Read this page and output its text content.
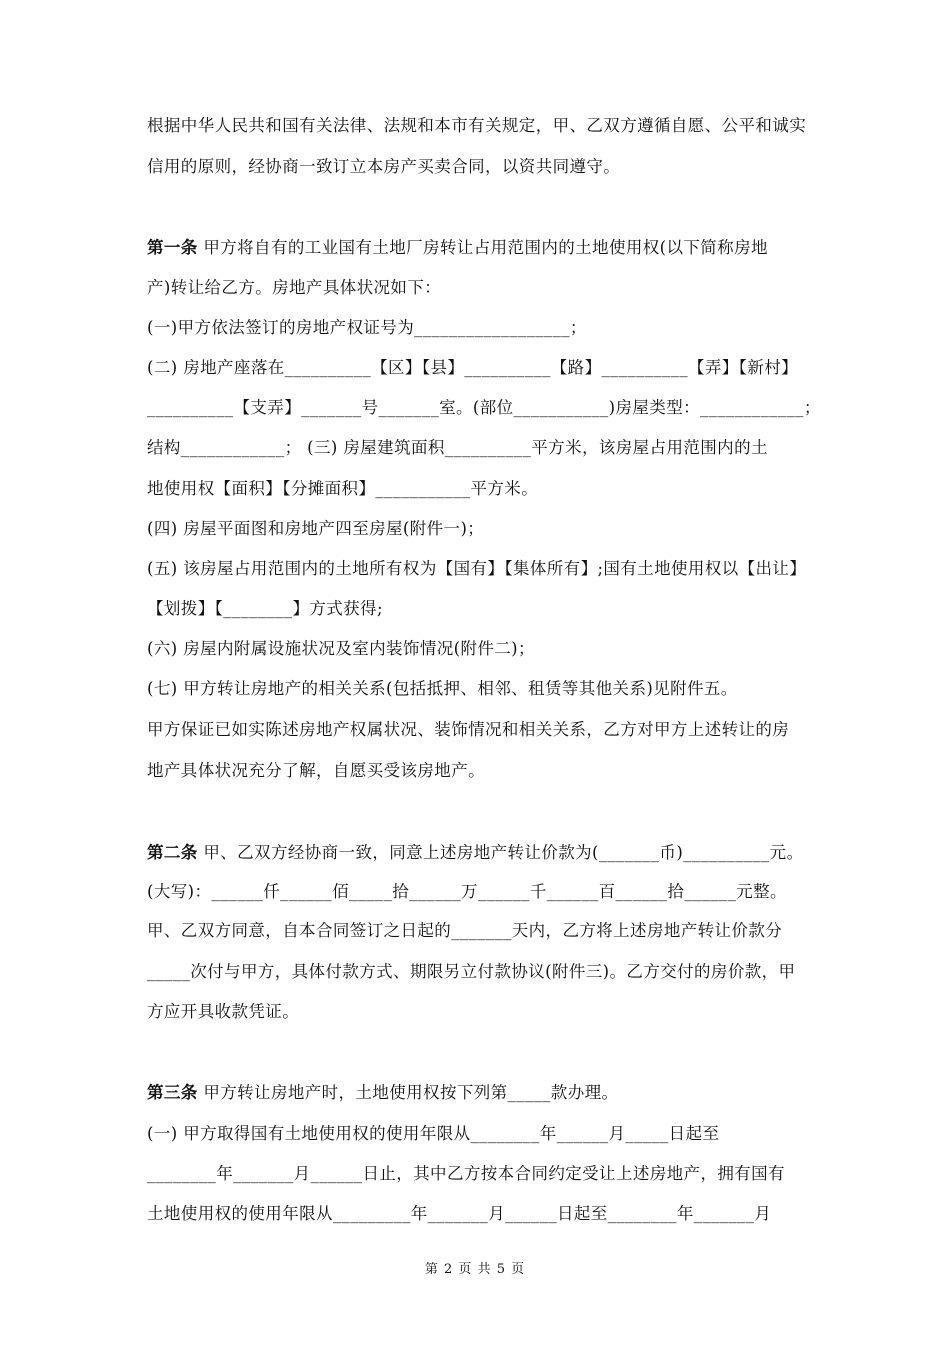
根据中华人民共和国有关法律、法规和本市有关规定，甲、乙双方遵循自愿、公平和诚实
信用的原则，经协商一致订立本房产买卖合同，以资共同遵守。
第一条 甲方将自有的工业国有土地厂房转让占用范围内的土地使用权(以下简称房地
产)转让给乙方。房地产具体状况如下：
(一)甲方依法签订的房地产权证号为__________________；
(二) 房地产座落在__________【区】【县】__________【路】__________【弄】【新村】
__________【支弄】_______号_______室。(部位___________)房屋类型：____________；
结构____________； (三) 房屋建筑面积__________平方米，该房屋占用范围内的土
地使用权【面积】【分摊面积】___________平方米。
(四) 房屋平面图和房地产四至房屋(附件一)；
(五) 该房屋占用范围内的土地所有权为【国有】【集体所有】;国有土地使用权以【出让】
【划拨】【________】方式获得;
(六) 房屋内附属设施状况及室内装饰情况(附件二)；
(七) 甲方转让房地产的相关关系(包括抵押、相邻、租赁等其他关系)见附件五。
甲方保证已如实陈述房地产权属状况、装饰情况和相关关系，乙方对甲方上述转让的房
地产具体状况充分了解，自愿买受该房地产。
第二条 甲、乙双方经协商一致，同意上述房地产转让价款为(_______币)__________元。
(大写)：______仟______佰_____拾______万______千______百______拾______元整。
甲、乙双方同意，自本合同签订之日起的_______天内，乙方将上述房地产转让价款分
_____次付与甲方，具体付款方式、期限另立付款协议(附件三)。乙方交付的房价款，甲
方应开具收款凭证。
第三条 甲方转让房地产时，土地使用权按下列第_____款办理。
(一) 甲方取得国有土地使用权的使用年限从________年______月_____日起至
________年_______月______日止，其中乙方按本合同约定受让上述房地产，拥有国有
土地使用权的使用年限从_________年_______月______日起至________年_______月
第 2 页 共 5 页
